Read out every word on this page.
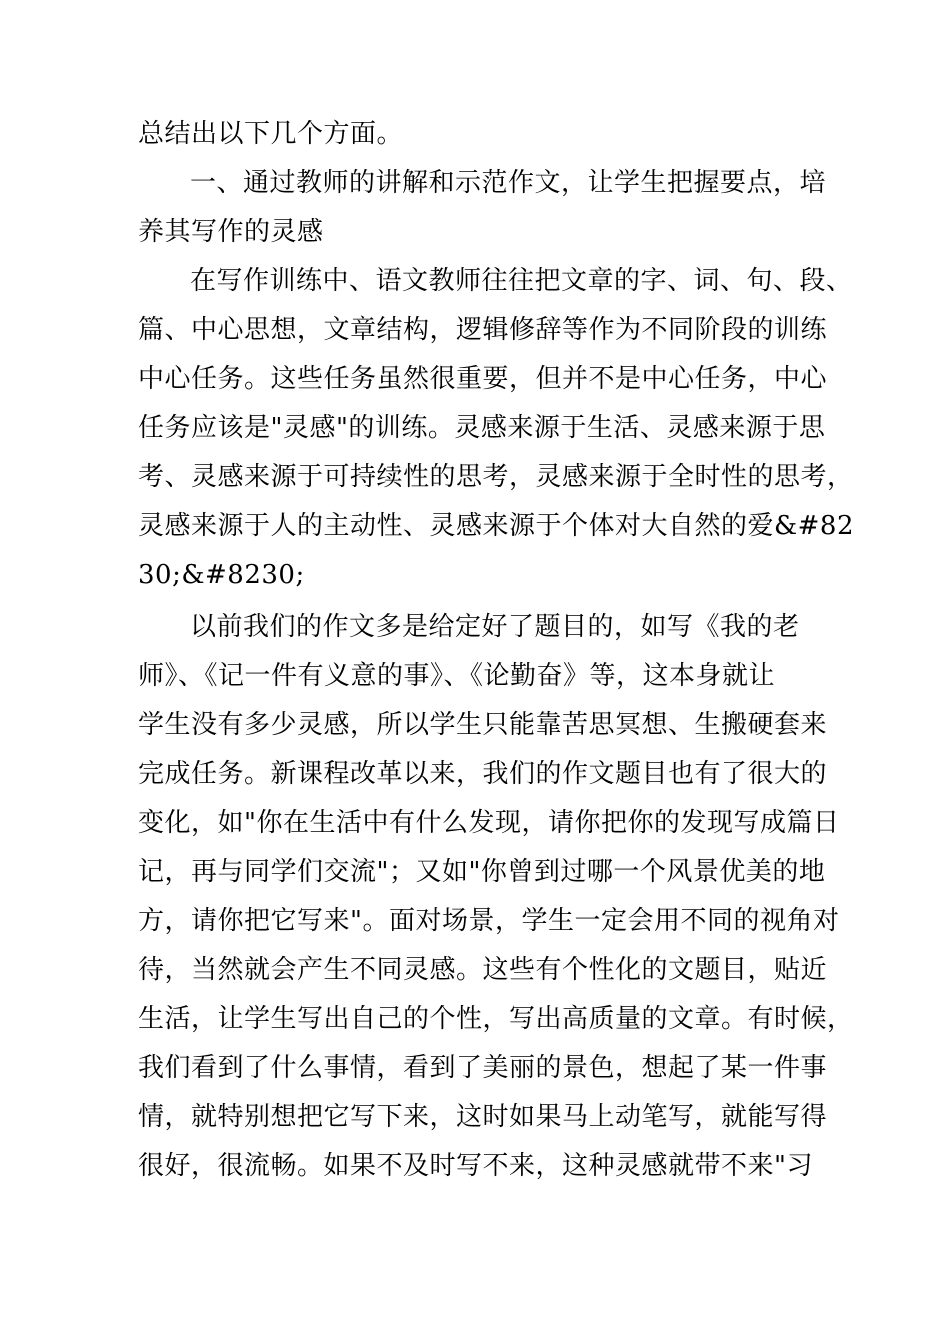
总结出以下几个方面。
一、通过教师的讲解和示范作文，让学生把握要点，培
养其写作的灵感
在写作训练中、语文教师往往把文章的字、词、句、段、
篇、中心思想，文章结构，逻辑修辞等作为不同阶段的训练
中心任务。这些任务虽然很重要，但并不是中心任务，中心
任务应该是"灵感"的训练。灵感来源于生活、灵感来源于思
考、灵感来源于可持续性的思考，灵感来源于全时性的思考，
灵感来源于人的主动性、灵感来源于个体对大自然的爱&#82
30;&#8230;
以前我们的作文多是给定好了题目的，如写《我的老
师》、《记一件有义意的事》、《论勤奋》等，这本身就让
学生没有多少灵感，所以学生只能靠苦思冥想、生搬硬套来
完成任务。新课程改革以来，我们的作文题目也有了很大的
变化，如"你在生活中有什么发现，请你把你的发现写成篇日
记，再与同学们交流"；又如"你曾到过哪一个风景优美的地
方，请你把它写来"。面对场景，学生一定会用不同的视角对
待，当然就会产生不同灵感。这些有个性化的文题目，贴近
生活，让学生写出自己的个性，写出高质量的文章。有时候，
我们看到了什么事情，看到了美丽的景色，想起了某一件事
情，就特别想把它写下来，这时如果马上动笔写，就能写得
很好，很流畅。如果不及时写不来，这种灵感就带不来"习
